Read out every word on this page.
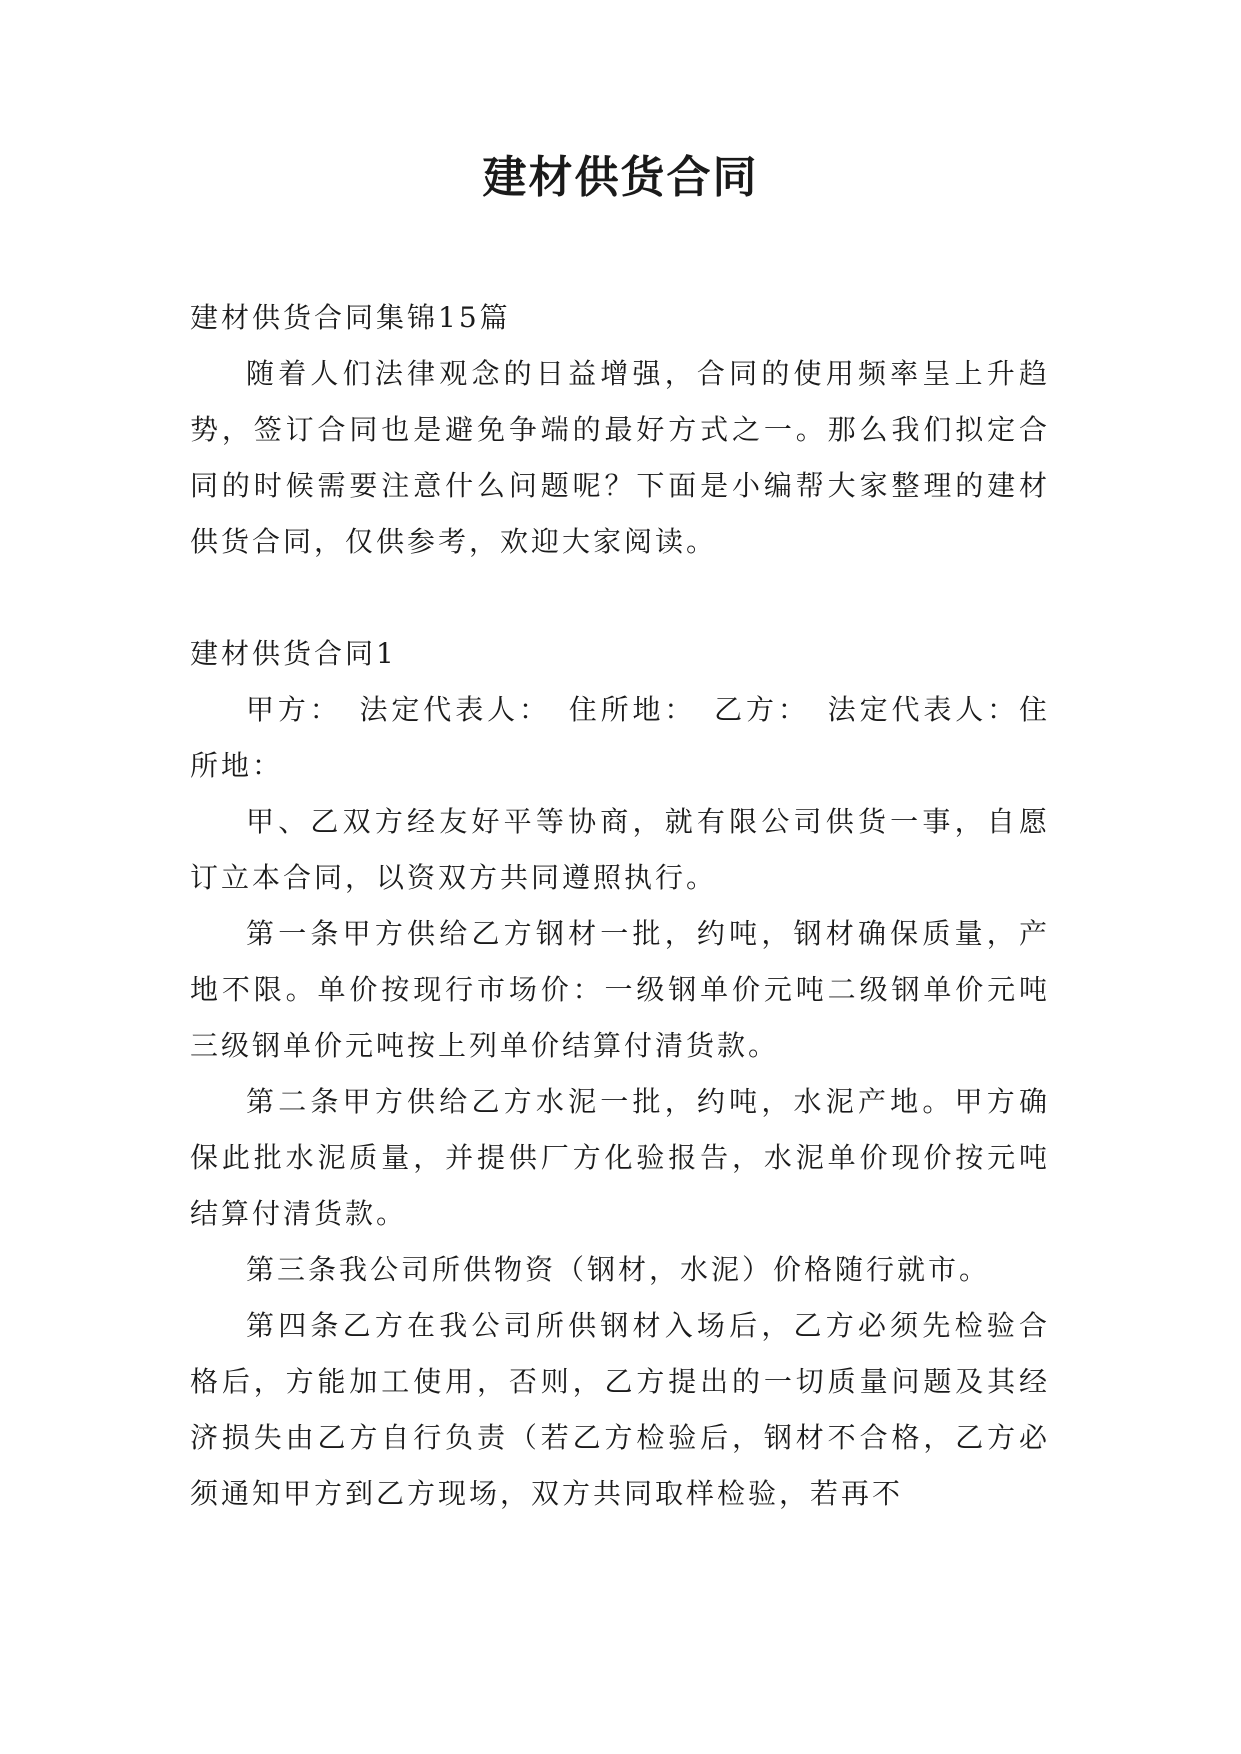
建材供货合同

建材供货合同集锦15篇

随着人们法律观念的日益增强，合同的使用频率呈上升趋势，签订合同也是避免争端的最好方式之一。那么我们拟定合同的时候需要注意什么问题呢？下面是小编帮大家整理的建材供货合同，仅供参考，欢迎大家阅读。

建材供货合同1

甲方：　法定代表人：　住所地：　乙方：　法定代表人：住所地：

甲、乙双方经友好平等协商，就有限公司供货一事，自愿订立本合同，以资双方共同遵照执行。

第一条甲方供给乙方钢材一批，约吨，钢材确保质量，产地不限。单价按现行市场价：一级钢单价元吨二级钢单价元吨三级钢单价元吨按上列单价结算付清货款。

第二条甲方供给乙方水泥一批，约吨，水泥产地。甲方确保此批水泥质量，并提供厂方化验报告，水泥单价现价按元吨结算付清货款。

第三条我公司所供物资（钢材，水泥）价格随行就市。

第四条乙方在我公司所供钢材入场后，乙方必须先检验合格后，方能加工使用，否则，乙方提出的一切质量问题及其经济损失由乙方自行负责（若乙方检验后，钢材不合格，乙方必须通知甲方到乙方现场，双方共同取样检验，若再不
